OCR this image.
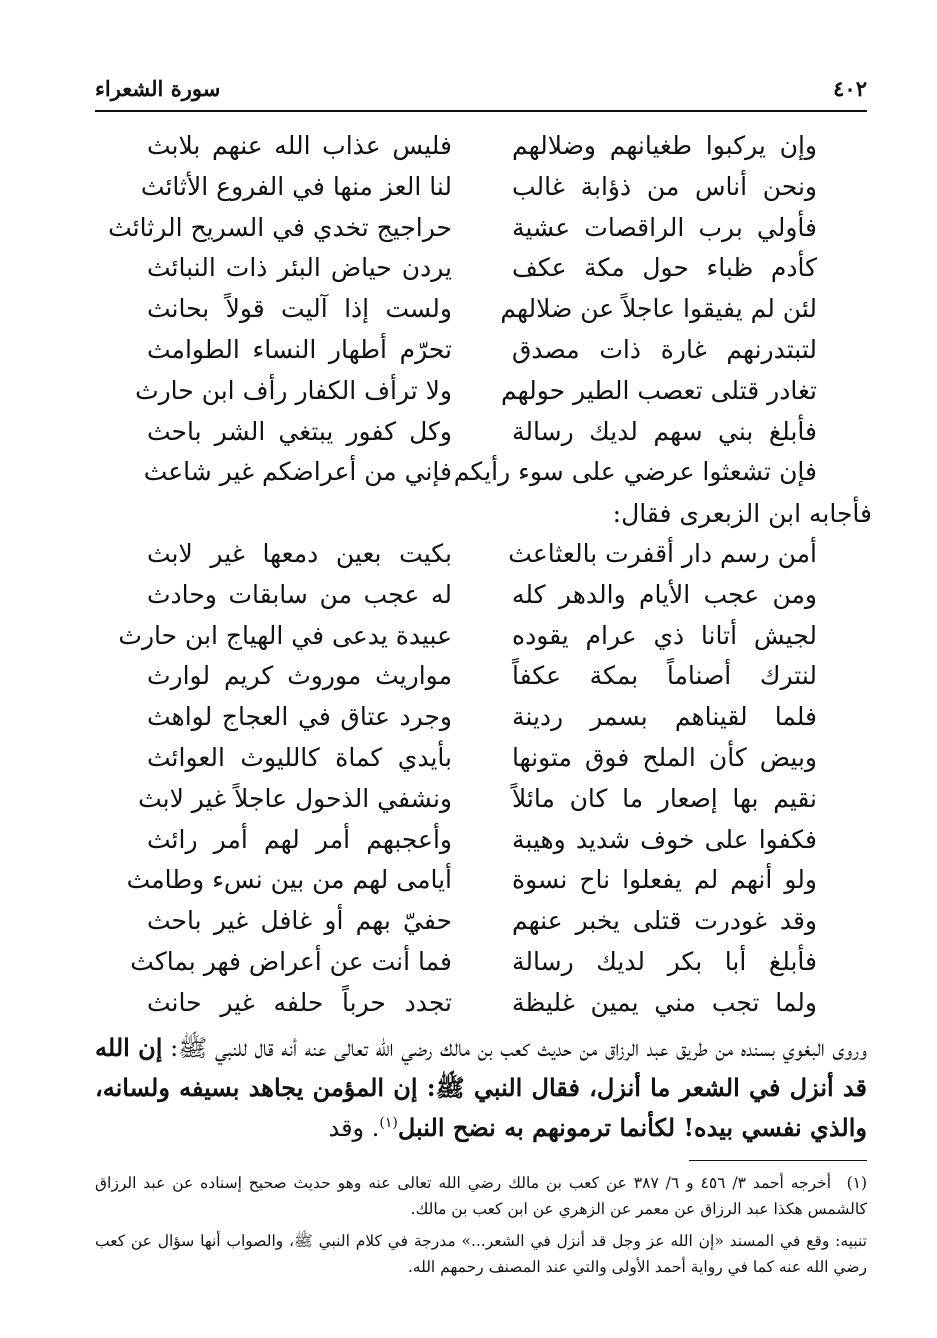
٤٠٢
سورة الشعراء
وإن يركبوا طغيانهم وضلالهم
فليس عذاب الله عنهم بلابث
ونحن أناس من ذؤابة غالب
لنا العز منها في الفروع الأثائث
فأولي برب الراقصات عشية
حراجيج تخدي في السريح الرثائث
كأدم ظباء حول مكة عكف
يردن حياض البئر ذات النبائث
لئن لم يفيقوا عاجلاً عن ضلالهم
ولست إذا آليت قولاً بحانث
لتبتدرنهم غارة ذات مصدق
تحرّم أطهار النساء الطوامث
تغادر قتلى تعصب الطير حولهم
ولا ترأف الكفار رأف ابن حارث
فأبلغ بني سهم لديك رسالة
وكل كفور يبتغي الشر باحث
فإن تشعثوا عرضي على سوء رأيكم
فإني من أعراضكم غير شاعث
فأجابه ابن الزبعرى فقال:
أمن رسم دار أقفرت بالعثاعث
بكيت بعين دمعها غير لابث
ومن عجب الأيام والدهر كله
له عجب من سابقات وحادث
لجيش أتانا ذي عرام يقوده
عبيدة يدعى في الهياج ابن حارث
لنترك أصناماً بمكة عكفاً
مواريث موروث كريم لوارث
فلما لقيناهم بسمر ردينة
وجرد عتاق في العجاج لواهث
وبيض كأن الملح فوق متونها
بأيدي كماة كالليوث العوائث
نقيم بها إصعار ما كان مائلاً
ونشفي الذحول عاجلاً غير لابث
فكفوا على خوف شديد وهيبة
وأعجبهم أمر لهم أمر رائث
ولو أنهم لم يفعلوا ناح نسوة
أيامى لهم من بين نسء وطامث
وقد غودرت قتلى يخبر عنهم
حفيّ بهم أو غافل غير باحث
فأبلغ أبا بكر لديك رسالة
فما أنت عن أعراض فهر بماكث
ولما تجب مني يمين غليظة
تجدد حرباً حلفه غير حانث
وروى البغوي بسنده من طريق عبد الرزاق من حديث كعب بن مالك رضي الله تعالى عنه أنه قال للنبي ﷺ: إن الله قد أنزل في الشعر ما أنزل، فقال النبي ﷺ: إن المؤمن يجاهد بسيفه ولسانه، والذي نفسي بيده! لكأنما ترمونهم به نضح النبل$^{(١)}$. وقد

(١)أخرجه أحمد ٣/ ٤٥٦ و ٦/ ٣٨٧ عن كعب بن مالك رضي الله تعالى عنه وهو حديث صحيح إسناده عن عبد الرزاق كالشمس هكذا عبد الرزاق عن معمر عن الزهري عن ابن كعب بن مالك.

تنبيه: وقع في المسند «إن الله عز وجل قد أنزل في الشعر...» مدرجة في كلام النبي ﷺ، والصواب أنها سؤال عن كعب رضي الله عنه كما في رواية أحمد الأولى والتي عند المصنف رحمهم الله.
